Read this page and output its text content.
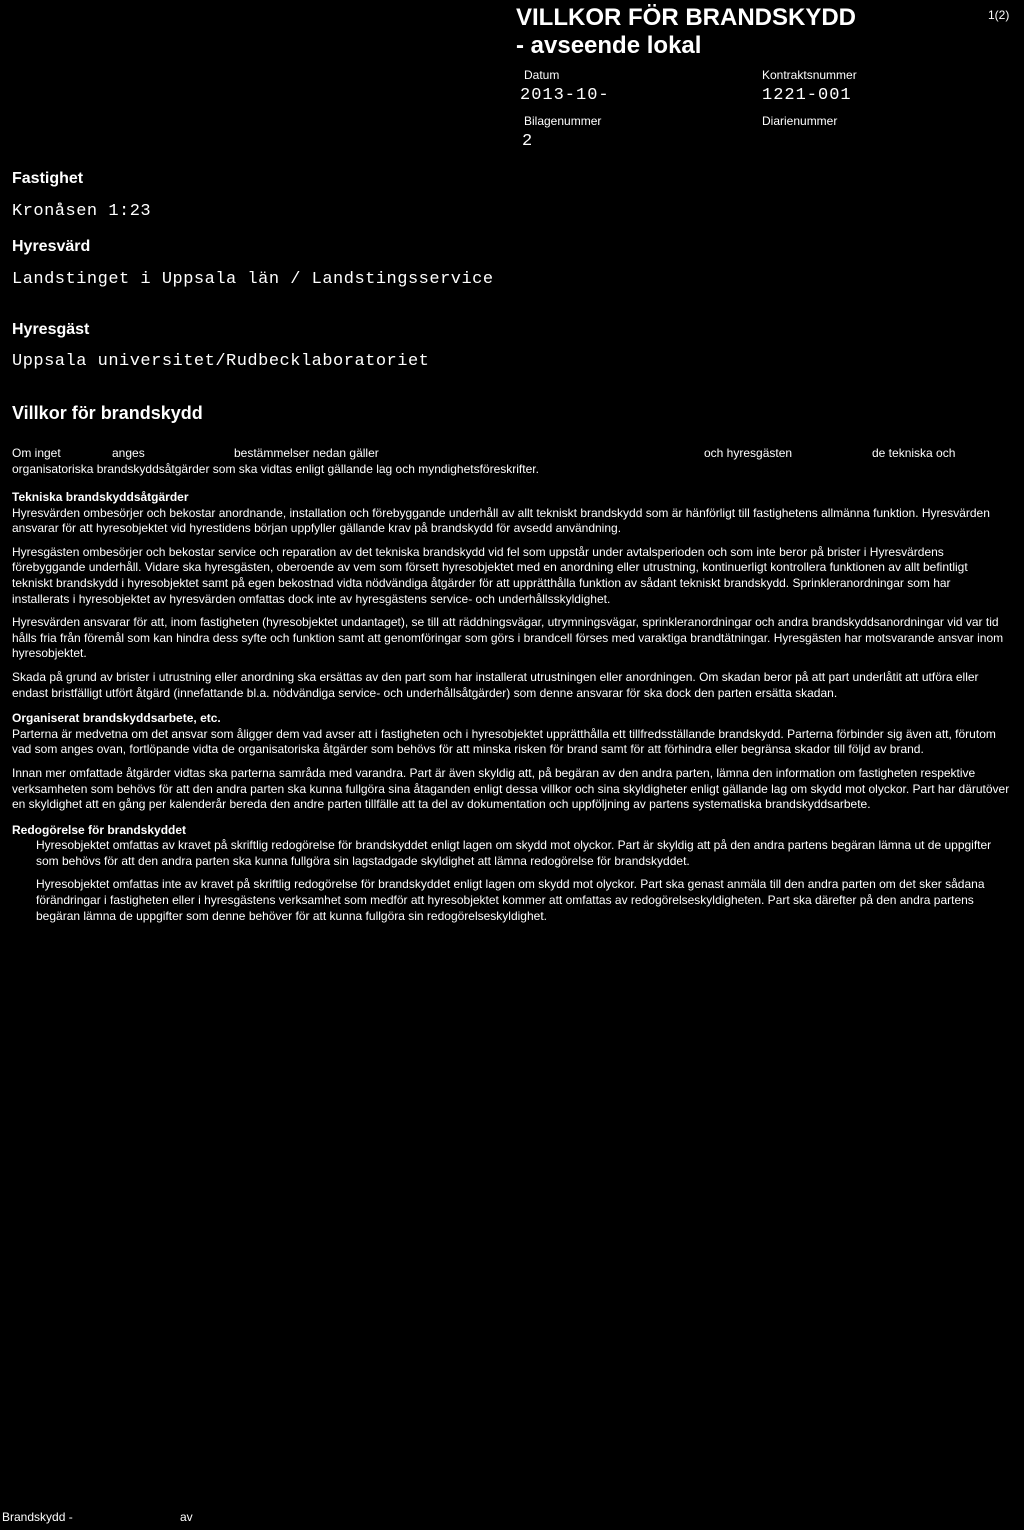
VILLKOR FÖR BRANDSKYDD
- avseende lokal
1(2)
Datum
2013-10-
Kontraktsnummer
1221-001
Bilagenummer
2
Diarienummer
Fastighet
Kronåsen 1:23
Hyresvärd
Landstinget i Uppsala län / Landstingsservice
Hyresgäst
Uppsala universitet/Rudbecklaboratoriet
Villkor för brandskydd
Om inget	anges	bestämmelser nedan gäller	och hyresgästen	de tekniska och
organisatoriska brandskyddsåtgärder som ska vidtas enligt gällande lag och myndighetsföreskrifter.

Tekniska brandskyddsåtgärder

Hyresvärden ombesörjer och bekostar anordnande, installation och förebyggande underhåll av allt tekniskt brandskydd som är hänförligt till fastighetens allmänna funktion. Hyresvärden ansvarar för att hyresobjektet vid hyrestidens början uppfyller gällande krav på brandskydd för avsedd användning.

Hyresgästen ombesörjer och bekostar service och reparation av det tekniska brandskydd vid fel som uppstår under avtalsperioden och som inte beror på brister i Hyresvärdens förebyggande underhåll. Vidare ska hyresgästen, oberoende av vem som försett hyresobjektet med en anordning eller utrustning, kontinuerligt kontrollera funktionen av allt befintligt tekniskt brandskydd i hyresobjektet samt på egen bekostnad vidta nödvändiga åtgärder för att upprätthålla funktion av sådant tekniskt brandskydd. Sprinkleranordningar som har installerats i hyresobjektet av hyresvärden omfattas dock inte av hyresgästens service- och underhållsskyldighet.

Hyresvärden ansvarar för att, inom fastigheten (hyresobjektet undantaget), se till att räddningsvägar, utrymningsvägar, sprinkleranordningar och andra brandskyddsanordningar vid var tid hålls fria från föremål som kan hindra dess syfte och funktion samt att genomföringar som görs i brandcell förses med varaktiga brandtätningar. Hyresgästen har motsvarande ansvar inom hyresobjektet.

Skada på grund av brister i utrustning eller anordning ska ersättas av den part som har installerat utrustningen eller anordningen. Om skadan beror på att part underlåtit att utföra eller endast bristfälligt utfört åtgärd (innefattande bl.a. nödvändiga service- och underhållsåtgärder) som denne ansvarar för ska dock den parten ersätta skadan.

Organiserat brandskyddsarbete, etc.

Parterna är medvetna om det ansvar som åligger dem vad avser att i fastigheten och i hyresobjektet upprätthålla ett tillfredsställande brandskydd. Parterna förbinder sig även att, förutom vad som anges ovan, fortlöpande vidta de organisatoriska åtgärder som behövs för att minska risken för brand samt för att förhindra eller begränsa skador till följd av brand.

Innan mer omfattade åtgärder vidtas ska parterna samråda med varandra. Part är även skyldig att, på begäran av den andra parten, lämna den information om fastigheten respektive verksamheten som behövs för att den andra parten ska kunna fullgöra sina åtaganden enligt dessa villkor och sina skyldigheter enligt gällande lag om skydd mot olyckor. Part har därutöver en skyldighet att en gång per kalenderår bereda den andre parten tillfälle att ta del av dokumentation och uppföljning av partens systematiska brandskyddsarbete.

Redogörelse för brandskyddet

Hyresobjektet omfattas av kravet på skriftlig redogörelse för brandskyddet enligt lagen om skydd mot olyckor. Part är skyldig att på den andra partens begäran lämna ut de uppgifter som behövs för att den andra parten ska kunna fullgöra sin lagstadgade skyldighet att lämna redogörelse för brandskyddet.

Hyresobjektet omfattas inte av kravet på skriftlig redogörelse för brandskyddet enligt lagen om skydd mot olyckor. Part ska genast anmäla till den andra parten om det sker sådana förändringar i fastigheten eller i hyresgästens verksamhet som medför att hyresobjektet kommer att omfattas av redogörelseskyldigheten. Part ska därefter på den andra partens begäran lämna de uppgifter som denne behöver för att kunna fullgöra sin redogörelseskyldighet.

Brandskydd -	av
